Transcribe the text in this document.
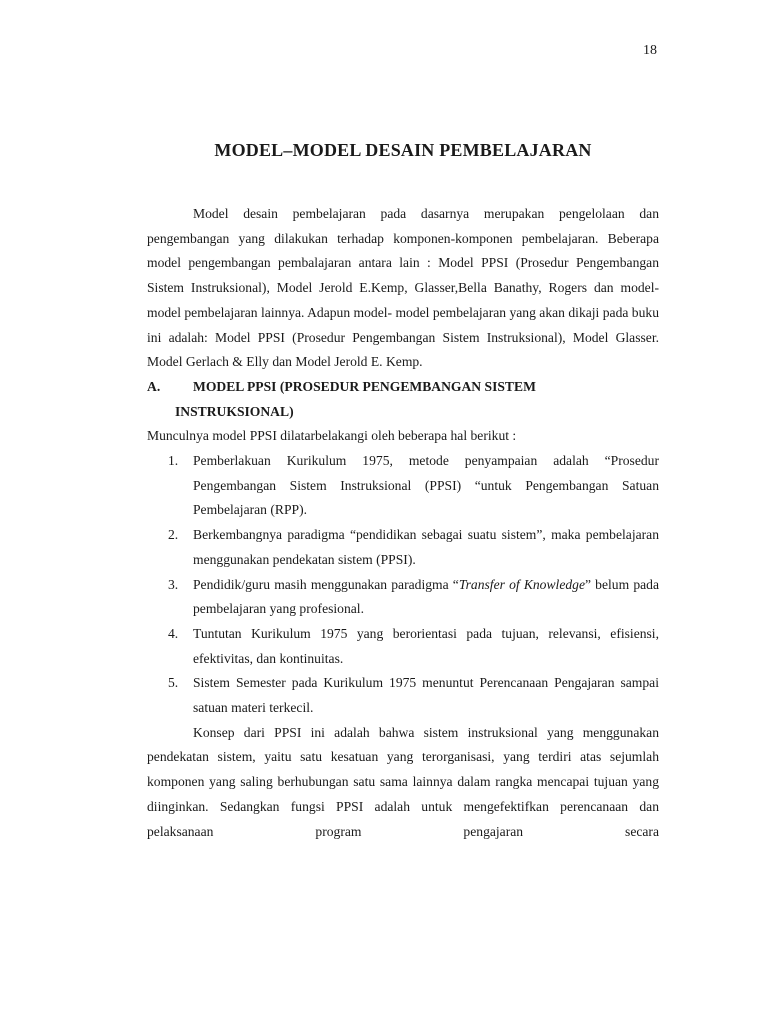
18
MODEL–MODEL DESAIN PEMBELAJARAN

Model desain pembelajaran pada dasarnya merupakan pengelolaan dan pengembangan yang dilakukan terhadap komponen-komponen pembelajaran. Beberapa model pengembangan pembalajaran antara lain : Model PPSI (Prosedur Pengembangan Sistem Instruksional), Model Jerold E.Kemp, Glasser,Bella Banathy, Rogers dan model- model pembelajaran lainnya. Adapun model- model pembelajaran yang akan dikaji pada buku ini adalah: Model PPSI (Prosedur Pengembangan Sistem Instruksional), Model Glasser. Model Gerlach & Elly dan Model Jerold E. Kemp.

A. MODEL PPSI (PROSEDUR PENGEMBANGAN SISTEM
INSTRUKSIONAL)

Munculnya model PPSI dilatarbelakangi oleh beberapa hal berikut :

1. Pemberlakuan Kurikulum 1975, metode penyampaian adalah “Prosedur Pengembangan Sistem Instruksional (PPSI) “untuk Pengembangan Satuan Pembelajaran (RPP).
2. Berkembangnya paradigma “pendidikan sebagai suatu sistem”, maka pembelajaran menggunakan pendekatan sistem (PPSI).
3. Pendidik/guru masih menggunakan paradigma “Transfer of Knowledge” belum pada pembelajaran yang profesional.
4. Tuntutan Kurikulum 1975 yang berorientasi pada tujuan, relevansi, efisiensi, efektivitas, dan kontinuitas.
5. Sistem Semester pada Kurikulum 1975 menuntut Perencanaan Pengajaran sampai satuan materi terkecil.

Konsep dari PPSI ini adalah bahwa sistem instruksional yang menggunakan pendekatan sistem, yaitu satu kesatuan yang terorganisasi, yang terdiri atas sejumlah komponen yang saling berhubungan satu sama lainnya dalam rangka mencapai tujuan yang diinginkan. Sedangkan fungsi PPSI adalah untuk mengefektifkan perencanaan dan pelaksanaan program pengajaran secara
